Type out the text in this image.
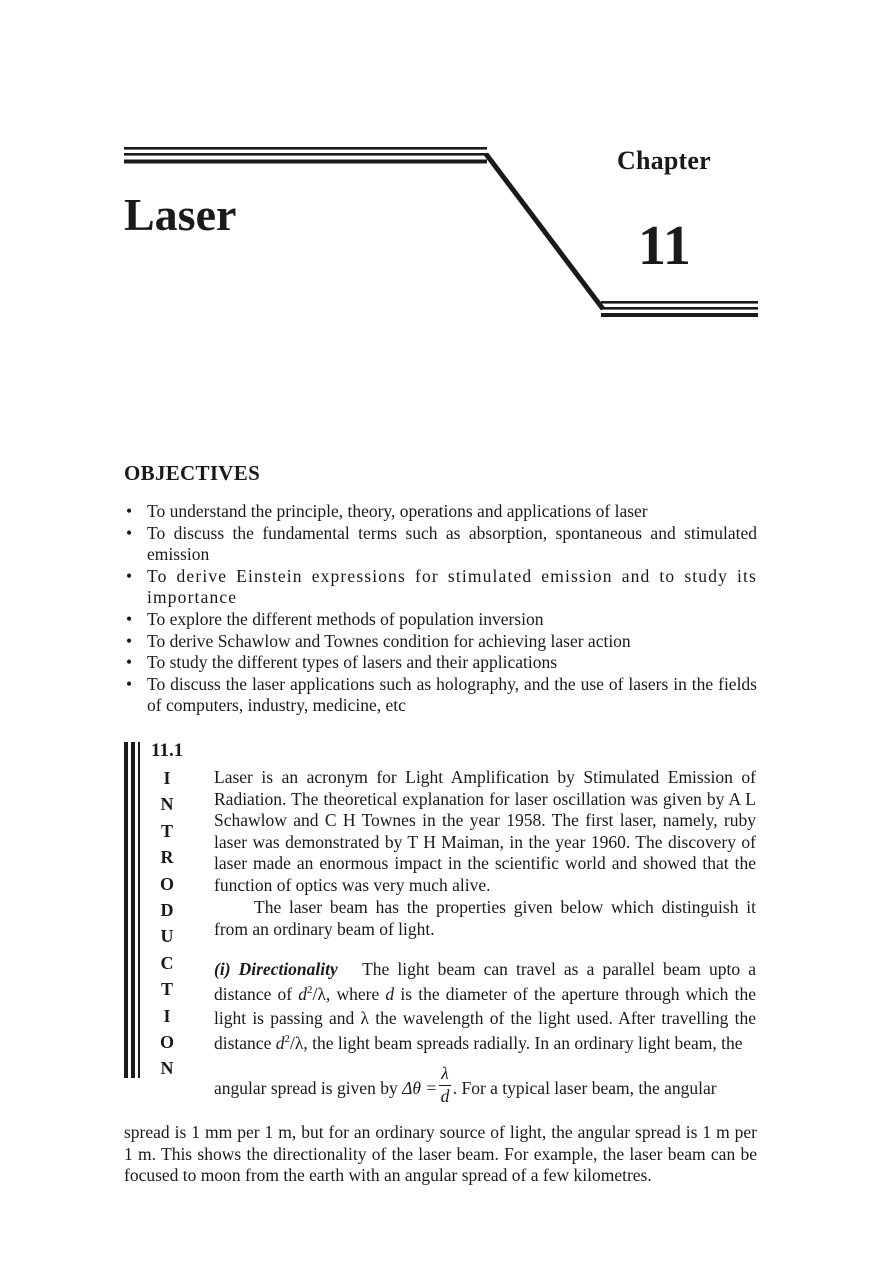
Chapter
11
Laser
OBJECTIVES
• To understand the principle, theory, operations and applications of laser
• To discuss the fundamental terms such as absorption, spontaneous and stimulated emission
• To derive Einstein expressions for stimulated emission and to study its importance
• To explore the different methods of population inversion
• To derive Schawlow and Townes condition for achieving laser action
• To study the different types of lasers and their applications
• To discuss the laser applications such as holography, and the use of lasers in the fields of computers, industry, medicine, etc
11.1
I
N
T
R
O
D
U
C
T
I
O
N

Laser is an acronym for Light Amplification by Stimulated Emission of Radiation. The theoretical explanation for laser oscillation was given by A L Schawlow and C H Townes in the year 1958. The first laser, namely, ruby laser was demonstrated by T H Maiman, in the year 1960. The discovery of laser made an enormous impact in the scientific world and showed that the function of optics was very much alive.

The laser beam has the properties given below which distinguish it from an ordinary beam of light.

(i) Directionality The light beam can travel as a parallel beam upto a distance of $d^2/\lambda$, where d is the diameter of the aperture through which the light is passing and λ the wavelength of the light used. After travelling the distance $d^2/\lambda$, the light beam spreads radially. In an ordinary light beam, the

angular spread is given by $\Delta\theta = \frac{\lambda}{d}$ . For a typical laser beam, the angular

spread is 1 mm per 1 m, but for an ordinary source of light, the angular spread is 1 m per 1 m. This shows the directionality of the laser beam. For example, the laser beam can be focused to moon from the earth with an angular spread of a few kilometres.
